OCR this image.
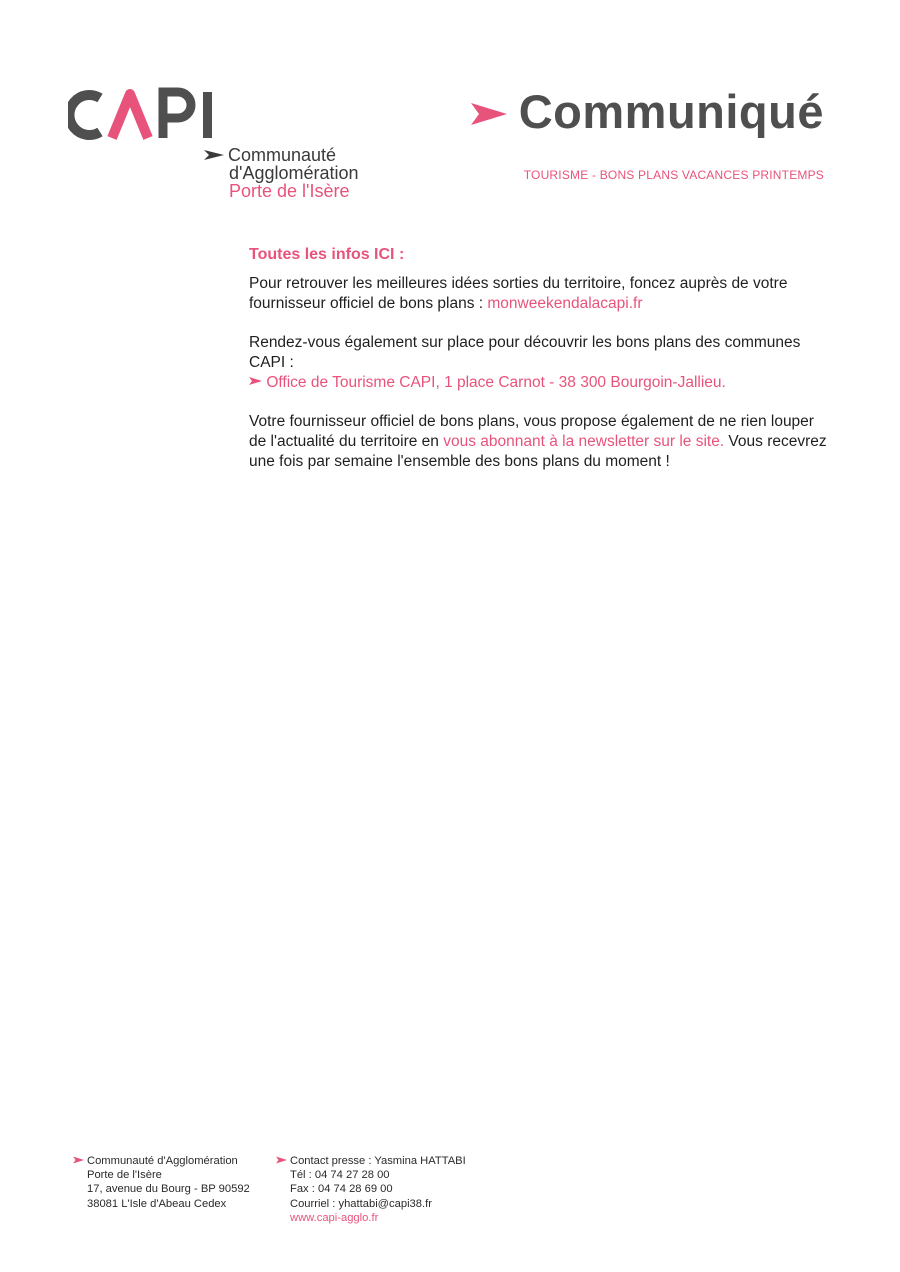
Communauté
d'Agglomération
Porte de l'Isère
Communiqué
TOURISME - BONS PLANS VACANCES PRINTEMPS
Toutes les infos ICI :

Pour retrouver les meilleures idées sorties du territoire, foncez auprès de votre fournisseur officiel de bons plans : monweekendalacapi.fr

Rendez-vous également sur place pour découvrir les bons plans des communes CAPI :
Office de Tourisme CAPI, 1 place Carnot - 38 300 Bourgoin-Jallieu.

Votre fournisseur officiel de bons plans, vous propose également de ne rien louper de l'actualité du territoire en vous abonnant à la newsletter sur le site. Vous recevrez une fois par semaine l'ensemble des bons plans du moment !

Communauté d'Agglomération
Porte de l'Isère
17, avenue du Bourg - BP 90592
38081 L'Isle d'Abeau Cedex
Contact presse : Yasmina HATTABI
Tél : 04 74 27 28 00
Fax : 04 74 28 69 00
Courriel : yhattabi@capi38.fr
www.capi-agglo.fr
